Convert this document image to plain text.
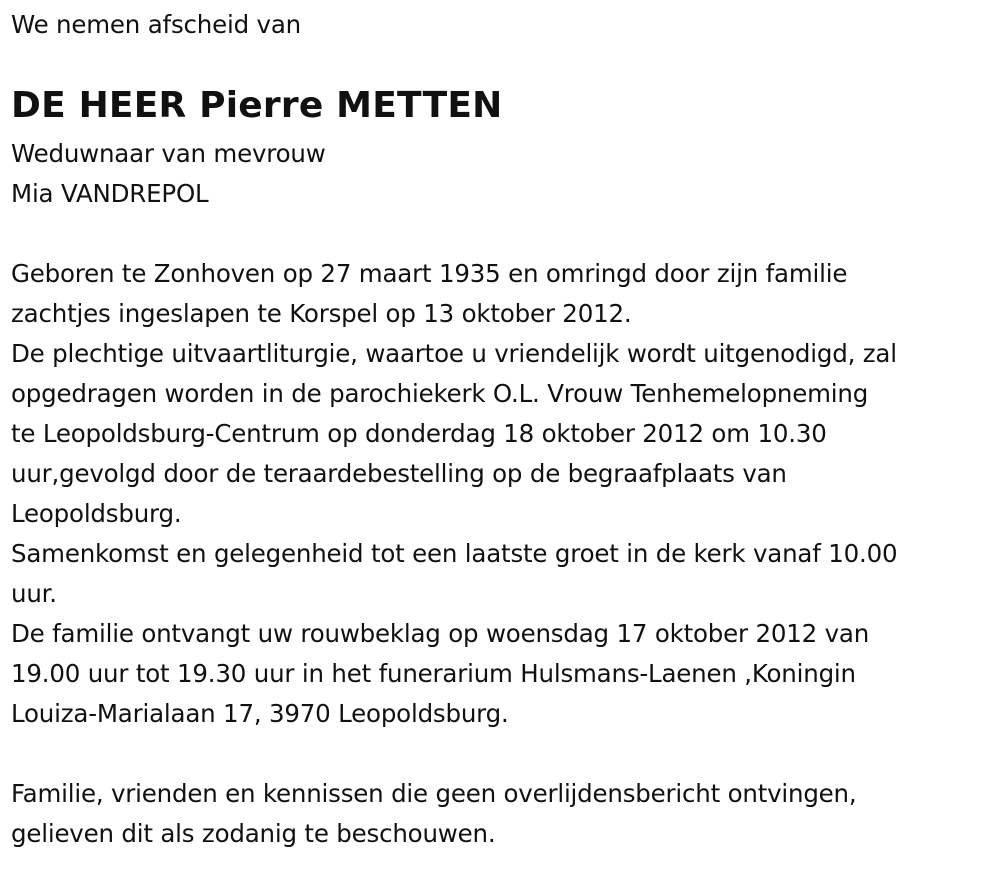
We nemen afscheid van
DE HEER Pierre METTEN
Weduwnaar van mevrouw
Mia VANDREPOL
Geboren te Zonhoven op 27 maart 1935 en omringd door zijn familie
zachtjes ingeslapen te Korspel op 13 oktober 2012.
De plechtige uitvaartliturgie, waartoe u vriendelijk wordt uitgenodigd, zal
opgedragen worden in de parochiekerk O.L. Vrouw Tenhemelopneming
te Leopoldsburg-Centrum op donderdag 18 oktober 2012 om 10.30
uur,gevolgd door de teraardebestelling op de begraafplaats van
Leopoldsburg.
Samenkomst en gelegenheid tot een laatste groet in de kerk vanaf 10.00
uur.
De familie ontvangt uw rouwbeklag op woensdag 17 oktober 2012 van
19.00 uur tot 19.30 uur in het funerarium Hulsmans-Laenen ,Koningin
Louiza-Marialaan 17, 3970 Leopoldsburg.
Familie, vrienden en kennissen die geen overlijdensbericht ontvingen,
gelieven dit als zodanig te beschouwen.
